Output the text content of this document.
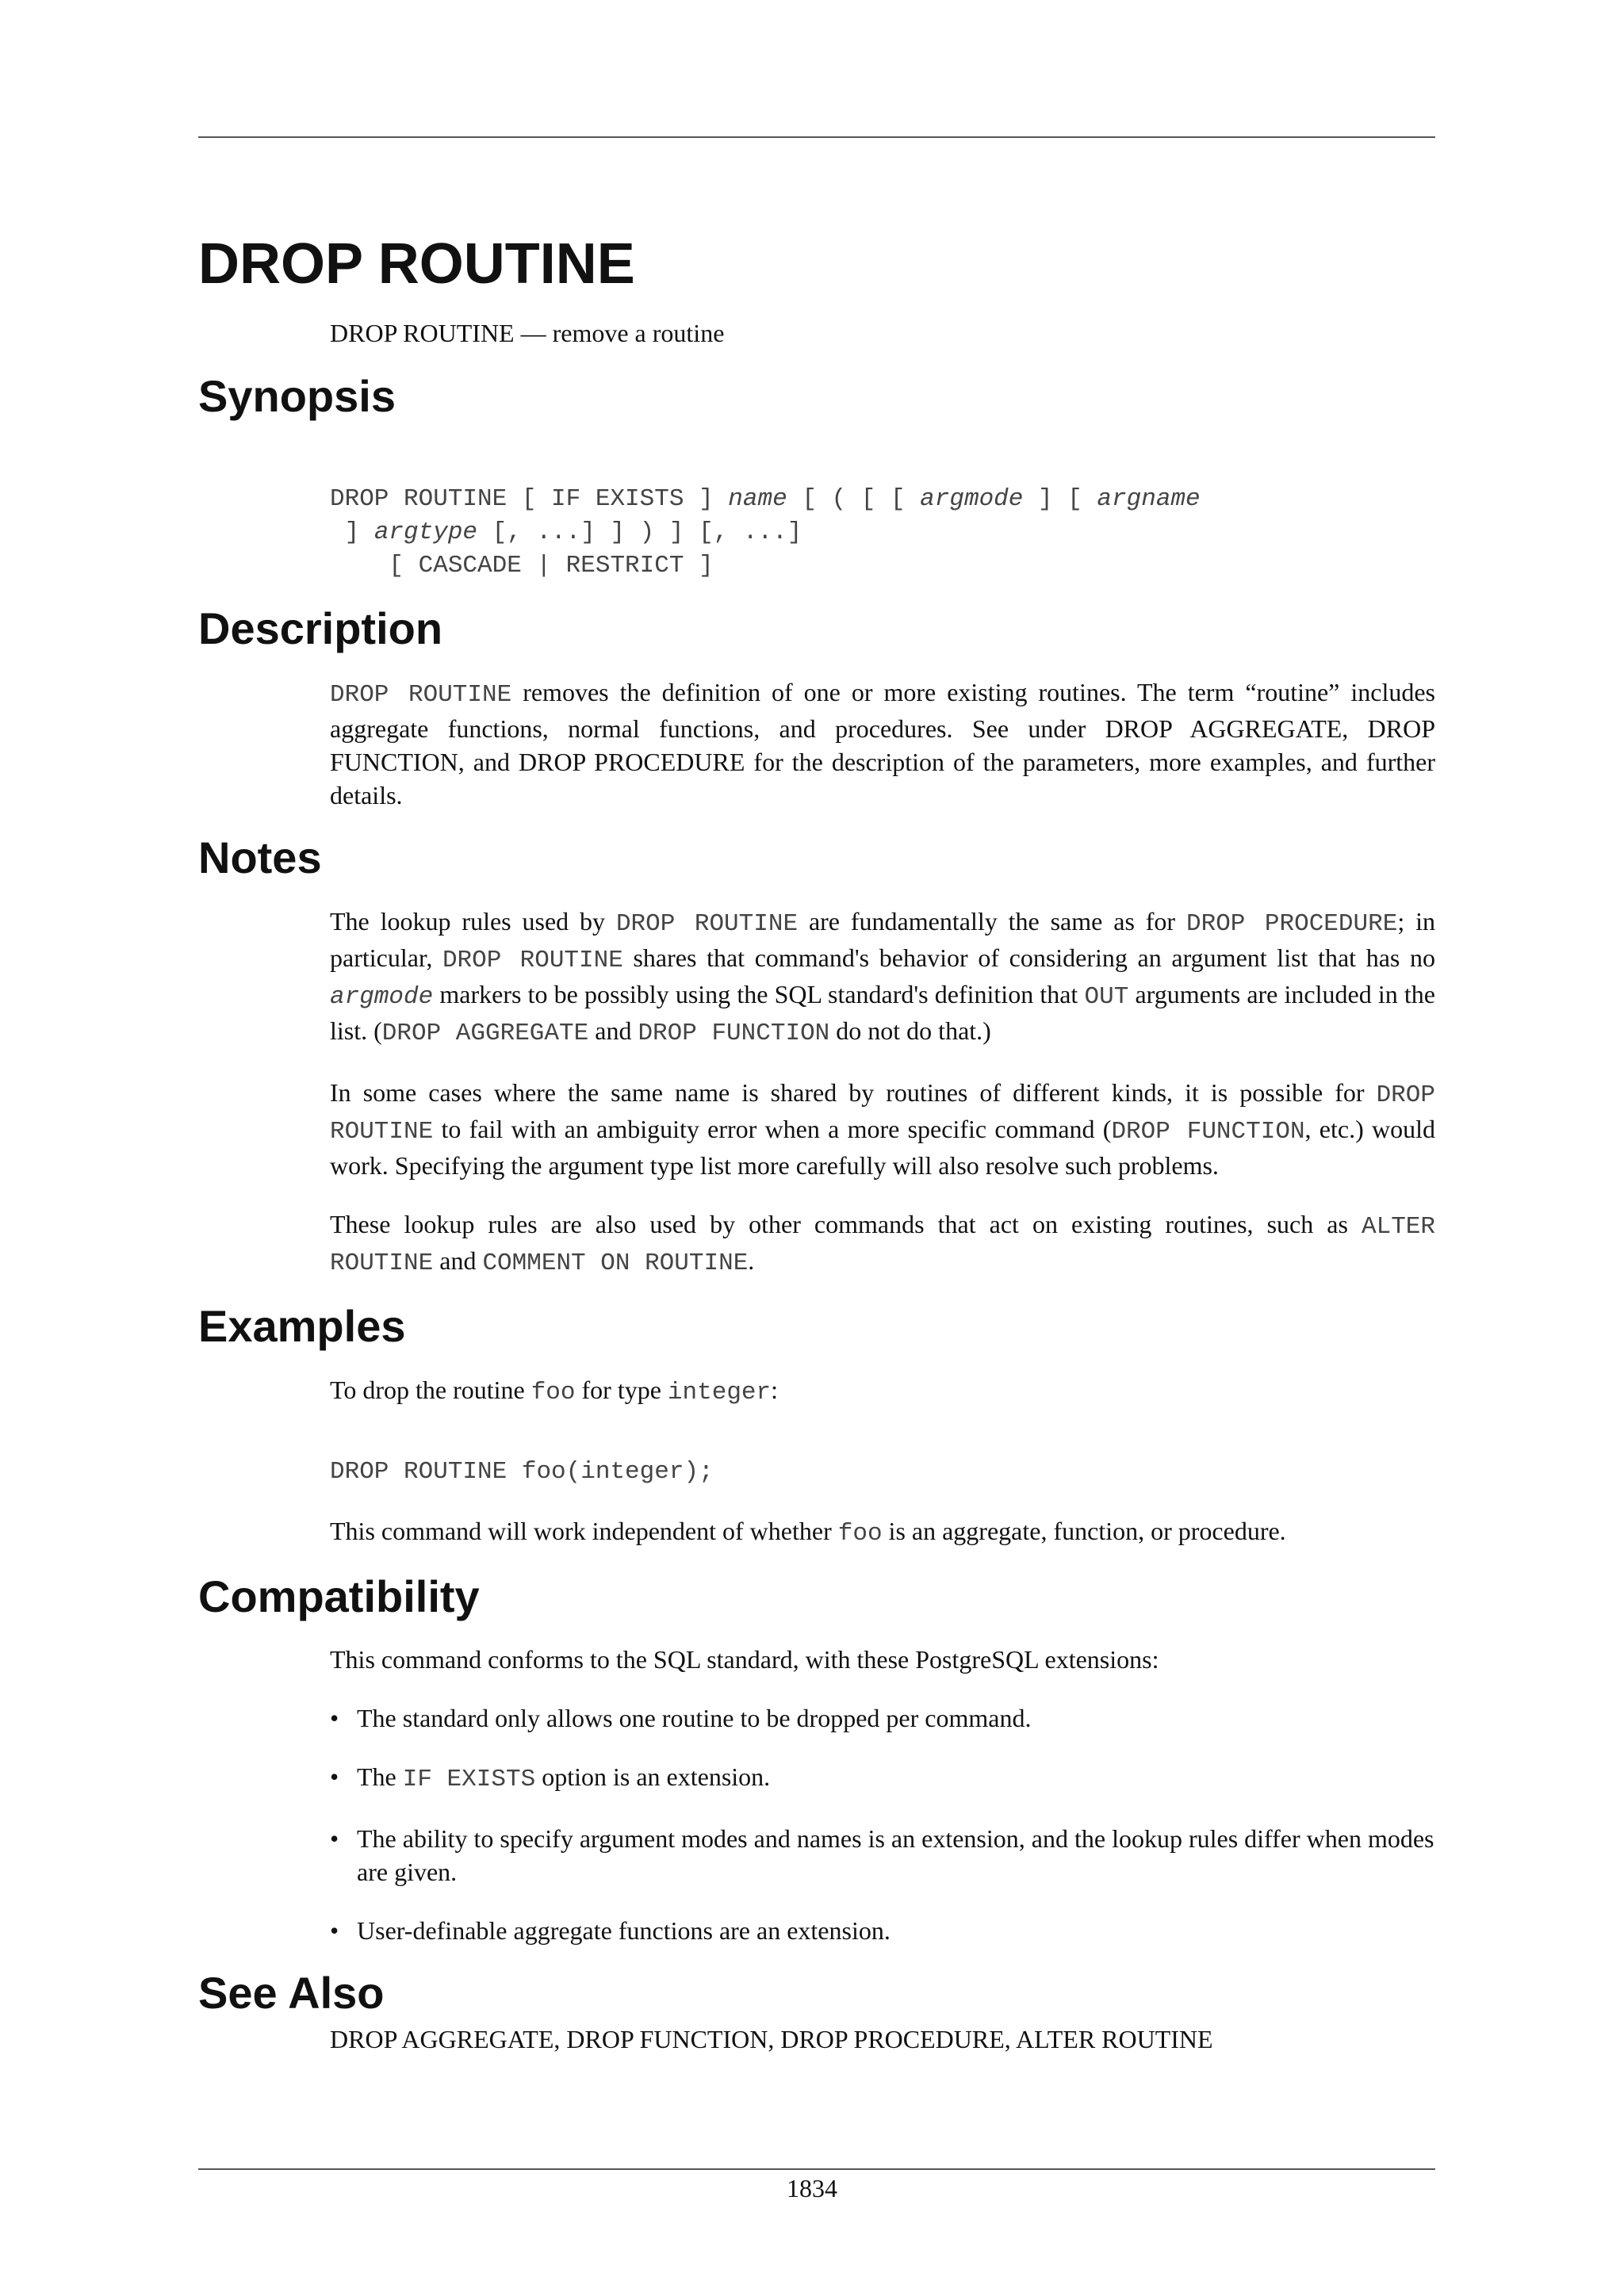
DROP ROUTINE
DROP ROUTINE — remove a routine
Synopsis
DROP ROUTINE [ IF EXISTS ] name [ ( [ [ argmode ] [ argname
] argtype [, ...] ] ) ] [, ...]
[ CASCADE | RESTRICT ]
Description

DROP ROUTINE removes the definition of one or more existing routines. The term “routine” includes aggregate functions, normal functions, and procedures. See under DROP AGGREGATE, DROP FUNCTION, and DROP PROCEDURE for the description of the parameters, more examples, and further details.

Notes

The lookup rules used by DROP ROUTINE are fundamentally the same as for DROP PROCEDURE; in particular, DROP ROUTINE shares that command's behavior of considering an argument list that has no argmode markers to be possibly using the SQL standard's definition that OUT arguments are included in the list. (DROP AGGREGATE and DROP FUNCTION do not do that.)

In some cases where the same name is shared by routines of different kinds, it is possible for DROP ROUTINE to fail with an ambiguity error when a more specific command (DROP FUNCTION, etc.) would work. Specifying the argument type list more carefully will also resolve such problems.

These lookup rules are also used by other commands that act on existing routines, such as ALTER ROUTINE and COMMENT ON ROUTINE.

Examples

To drop the routine foo for type integer:

DROP ROUTINE foo(integer);

This command will work independent of whether foo is an aggregate, function, or procedure.

Compatibility

This command conforms to the SQL standard, with these PostgreSQL extensions:

• The standard only allows one routine to be dropped per command.

• The IF EXISTS option is an extension.

• The ability to specify argument modes and names is an extension, and the lookup rules differ when modes are given.

• User-definable aggregate functions are an extension.

See Also
DROP AGGREGATE, DROP FUNCTION, DROP PROCEDURE, ALTER ROUTINE
1834
